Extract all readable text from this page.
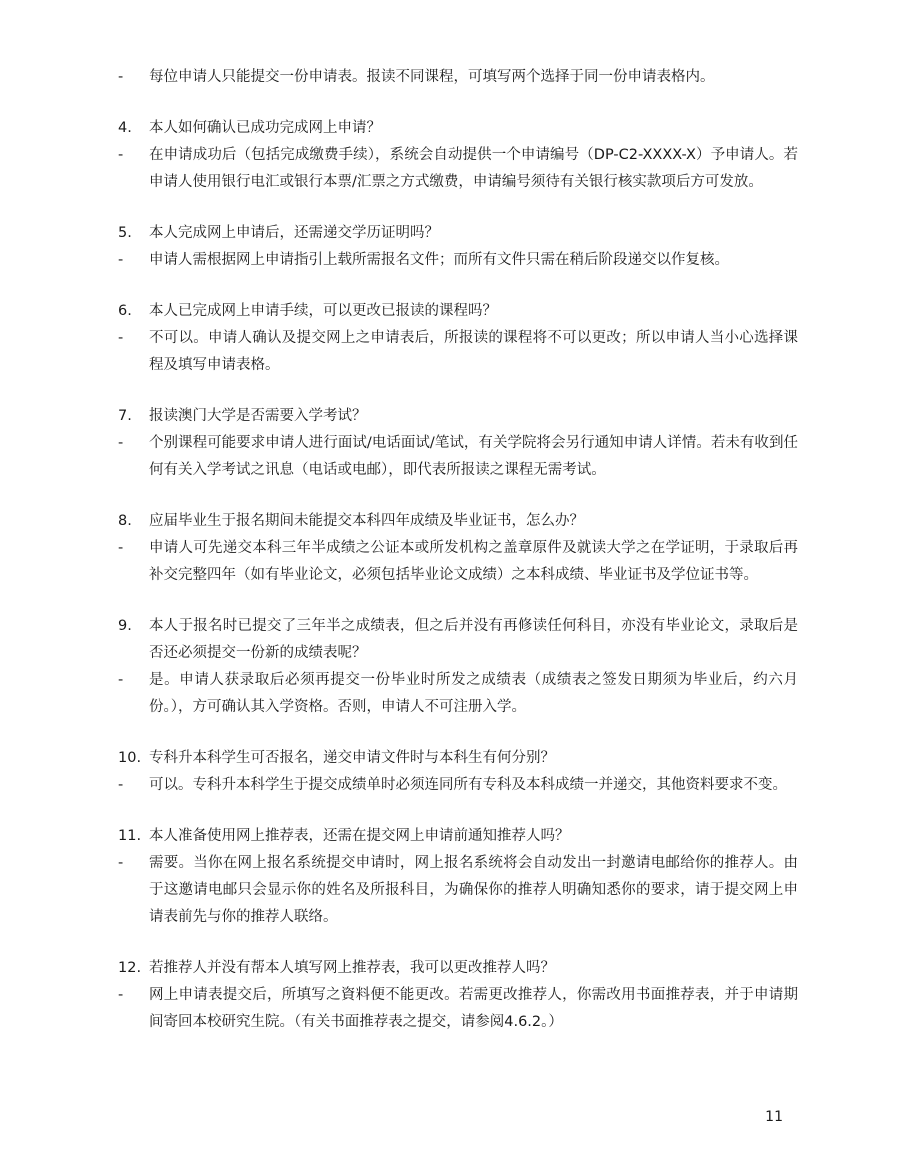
-	每位申请人只能提交一份申请表。报读不同课程，可填写两个选择于同一份申请表格内。
4.	本人如何确认已成功完成网上申请？
-	在申请成功后（包括完成缴费手续），系统会自动提供一个申请编号（DP-C2-XXXX-X）予申请人。若申请人使用银行电汇或银行本票/汇票之方式缴费，申请编号须待有关银行核实款项后方可发放。
5.	本人完成网上申请后，还需递交学历证明吗？
-	申请人需根据网上申请指引上载所需报名文件；而所有文件只需在稍后阶段递交以作复核。
6.	本人已完成网上申请手续，可以更改已报读的课程吗？
-	不可以。申请人确认及提交网上之申请表后，所报读的课程将不可以更改；所以申请人当小心选择课程及填写申请表格。
7.	报读澳门大学是否需要入学考试？
-	个别课程可能要求申请人进行面试/电话面试/笔试，有关学院将会另行通知申请人详情。若未有收到任何有关入学考试之讯息（电话或电邮），即代表所报读之课程无需考试。
8.	应届毕业生于报名期间未能提交本科四年成绩及毕业证书，怎么办？
-	申请人可先递交本科三年半成绩之公证本或所发机构之盖章原件及就读大学之在学证明，于录取后再补交完整四年（如有毕业论文，必须包括毕业论文成绩）之本科成绩、毕业证书及学位证书等。
9.	本人于报名时已提交了三年半之成绩表，但之后并没有再修读任何科目，亦没有毕业论文，录取后是否还必须提交一份新的成绩表呢？
-	是。申请人获录取后必须再提交一份毕业时所发之成绩表（成绩表之签发日期须为毕业后，约六月份。），方可确认其入学资格。否则，申请人不可注册入学。
10. 专科升本科学生可否报名，递交申请文件时与本科生有何分别？
-	可以。专科升本科学生于提交成绩单时必须连同所有专科及本科成绩一并递交，其他资料要求不变。
11. 本人准备使用网上推荐表，还需在提交网上申请前通知推荐人吗？
-	需要。当你在网上报名系统提交申请时，网上报名系统将会自动发出一封邀请电邮给你的推荐人。由于这邀请电邮只会显示你的姓名及所报科目，为确保你的推荐人明确知悉你的要求，请于提交网上申请表前先与你的推荐人联络。
12. 若推荐人并没有帮本人填写网上推荐表，我可以更改推荐人吗？
-	网上申请表提交后，所填写之資料便不能更改。若需更改推荐人，你需改用书面推荐表，并于申请期间寄回本校研究生院。（有关书面推荐表之提交，请参阅4.6.2。）
11
